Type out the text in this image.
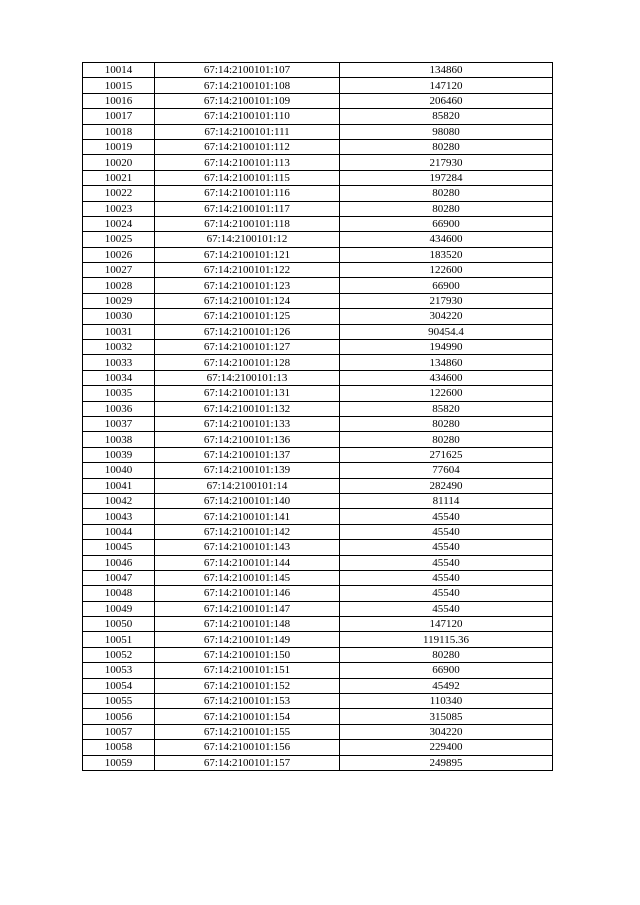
10014	67:14:2100101:107	134860
10015	67:14:2100101:108	147120
10016	67:14:2100101:109	206460
10017	67:14:2100101:110	85820
10018	67:14:2100101:111	98080
10019	67:14:2100101:112	80280
10020	67:14:2100101:113	217930
10021	67:14:2100101:115	197284
10022	67:14:2100101:116	80280
10023	67:14:2100101:117	80280
10024	67:14:2100101:118	66900
10025	67:14:2100101:12	434600
10026	67:14:2100101:121	183520
10027	67:14:2100101:122	122600
10028	67:14:2100101:123	66900
10029	67:14:2100101:124	217930
10030	67:14:2100101:125	304220
10031	67:14:2100101:126	90454.4
10032	67:14:2100101:127	194990
10033	67:14:2100101:128	134860
10034	67:14:2100101:13	434600
10035	67:14:2100101:131	122600
10036	67:14:2100101:132	85820
10037	67:14:2100101:133	80280
10038	67:14:2100101:136	80280
10039	67:14:2100101:137	271625
10040	67:14:2100101:139	77604
10041	67:14:2100101:14	282490
10042	67:14:2100101:140	81114
10043	67:14:2100101:141	45540
10044	67:14:2100101:142	45540
10045	67:14:2100101:143	45540
10046	67:14:2100101:144	45540
10047	67:14:2100101:145	45540
10048	67:14:2100101:146	45540
10049	67:14:2100101:147	45540
10050	67:14:2100101:148	147120
10051	67:14:2100101:149	119115.36
10052	67:14:2100101:150	80280
10053	67:14:2100101:151	66900
10054	67:14:2100101:152	45492
10055	67:14:2100101:153	110340
10056	67:14:2100101:154	315085
10057	67:14:2100101:155	304220
10058	67:14:2100101:156	229400
10059	67:14:2100101:157	249895
